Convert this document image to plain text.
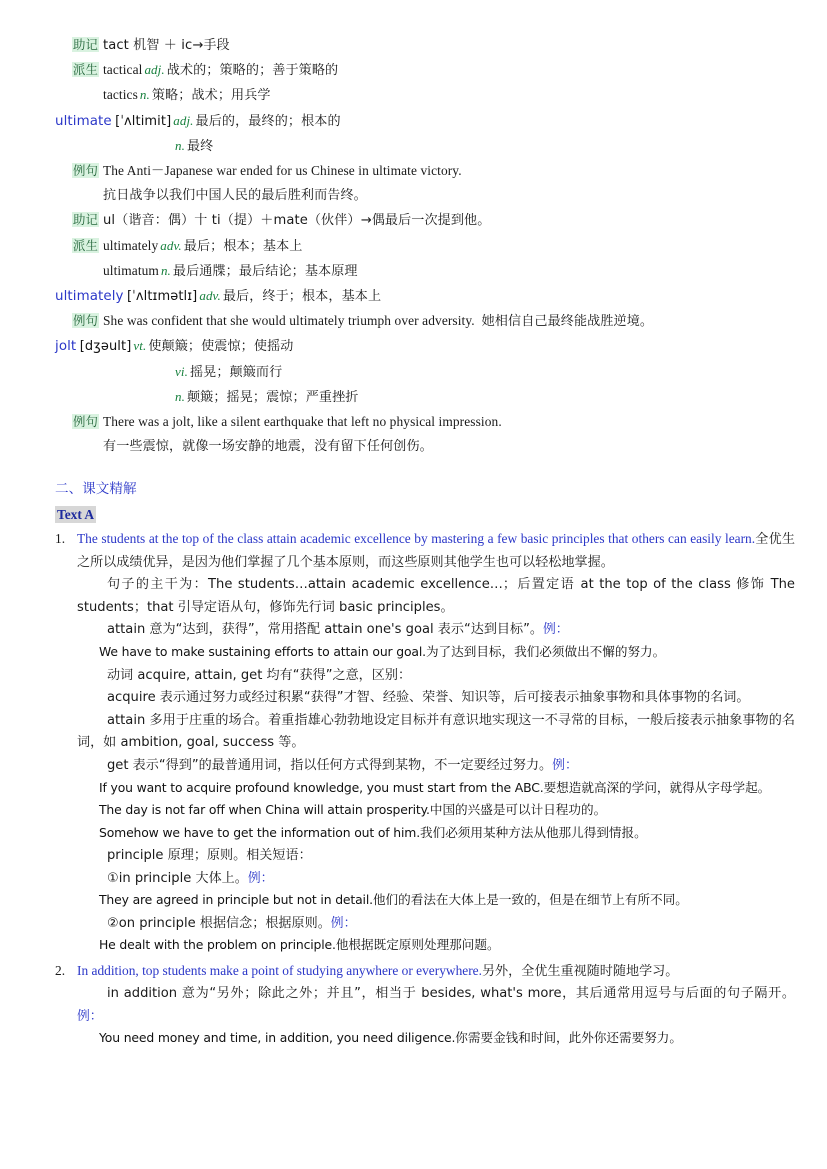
助记 tact 机智 ＋ ic→手段
派生 tactical adj. 战术的；策略的；善于策略的
tactics n. 策略；战术；用兵学
ultimate [ˈʌltimit] adj. 最后的，最终的；根本的
n. 最终
例句 The Anti－Japanese war ended for us Chinese in ultimate victory.
抗日战争以我们中国人民的最后胜利而告终。
助记 ul（谐音：偶）十 ti（提）＋mate（伙伴）→偶最后一次提到他。
派生 ultimately adv. 最后；根本；基本上
ultimatum n. 最后通牒；最后结论；基本原理
ultimately [ˈʌltɪmətlɪ] adv. 最后，终于；根本，基本上
例句 She was confident that she would ultimately triumph over adversity. 她相信自己最终能战胜逆境。
jolt [dʒəult] vt. 使颠簸；使震惊；使摇动
vi. 摇晃；颠簸而行
n. 颠簸；摇晃；震惊；严重挫折
例句 There was a jolt, like a silent earthquake that left no physical impression.
有一些震惊，就像一场安静的地震，没有留下任何创伤。
二、课文精解
Text A
1. The students at the top of the class attain academic excellence by mastering a few basic principles that others can easily learn.全优生之所以成绩优异，是因为他们掌握了几个基本原则，而这些原则其他学生也可以轻松地掌握。
句子的主干为：The students…attain academic excellence…；后置定语 at the top of the class 修饰 The students；that 引导定语从句，修饰先行词 basic principles。
attain 意为“达到，获得”，常用搭配 attain one's goal 表示“达到目标”。例：
We have to make sustaining efforts to attain our goal.为了达到目标，我们必须做出不懈的努力。
动词 acquire, attain, get 均有“获得”之意，区别：
acquire 表示通过努力或经过积累“获得”才智、经验、荣誉、知识等，后可接表示抽象事物和具体事物的名词。
attain 多用于庄重的场合。着重指雄心勃勃地设定目标并有意识地实现这一不寻常的目标，一般后接表示抽象事物的名词，如 ambition, goal, success 等。
get 表示“得到”的最普通用词，指以任何方式得到某物，不一定要经过努力。例：
If you want to acquire profound knowledge, you must start from the ABC.要想造就高深的学问，就得从字母学起。
The day is not far off when China will attain prosperity.中国的兴盛是可以计日程功的。
Somehow we have to get the information out of him.我们必须用某种方法从他那儿得到情报。
principle 原理；原则。相关短语：
①in principle 大体上。例：
They are agreed in principle but not in detail.他们的看法在大体上是一致的，但是在细节上有所不同。
②on principle 根据信念；根据原则。例：
He dealt with the problem on principle.他根据既定原则处理那问题。
2. In addition, top students make a point of studying anywhere or everywhere.另外，全优生重视随时随地学习。
in addition 意为“另外；除此之外；并且”，相当于 besides, what's more，其后通常用逗号与后面的句子隔开。例：
You need money and time, in addition, you need diligence.你需要金钱和时间，此外你还需要努力。
